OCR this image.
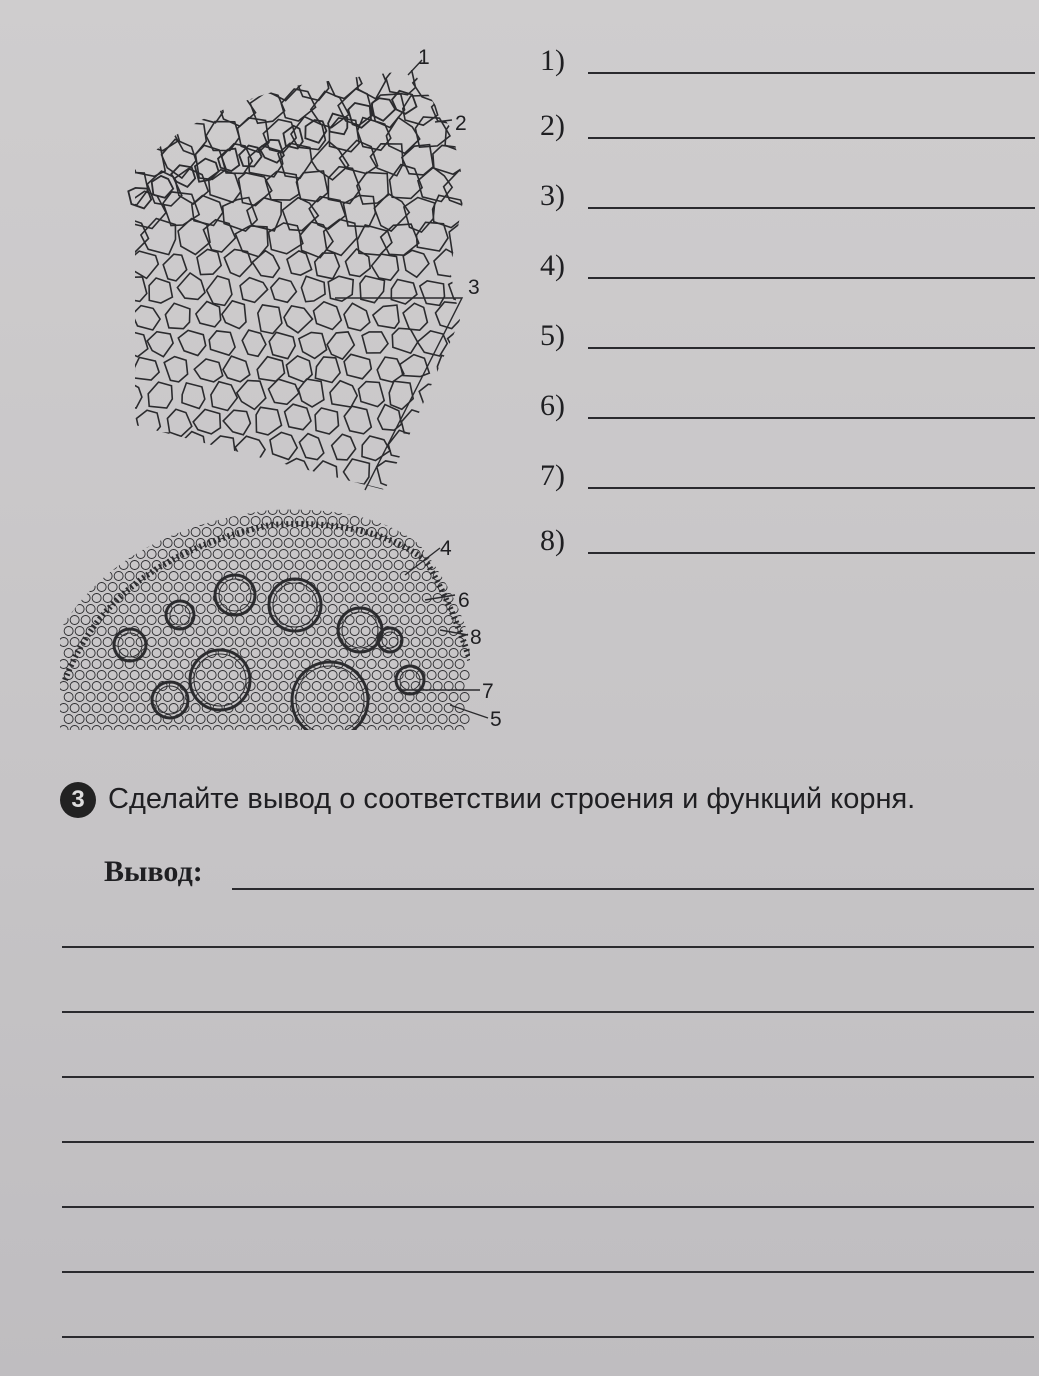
1
2
3
4
6
8
7
5
1)
2)
3)
4)
5)
6)
7)
8)
3 Сделайте вывод о соответствии строения и функций корня.
Вывод:
